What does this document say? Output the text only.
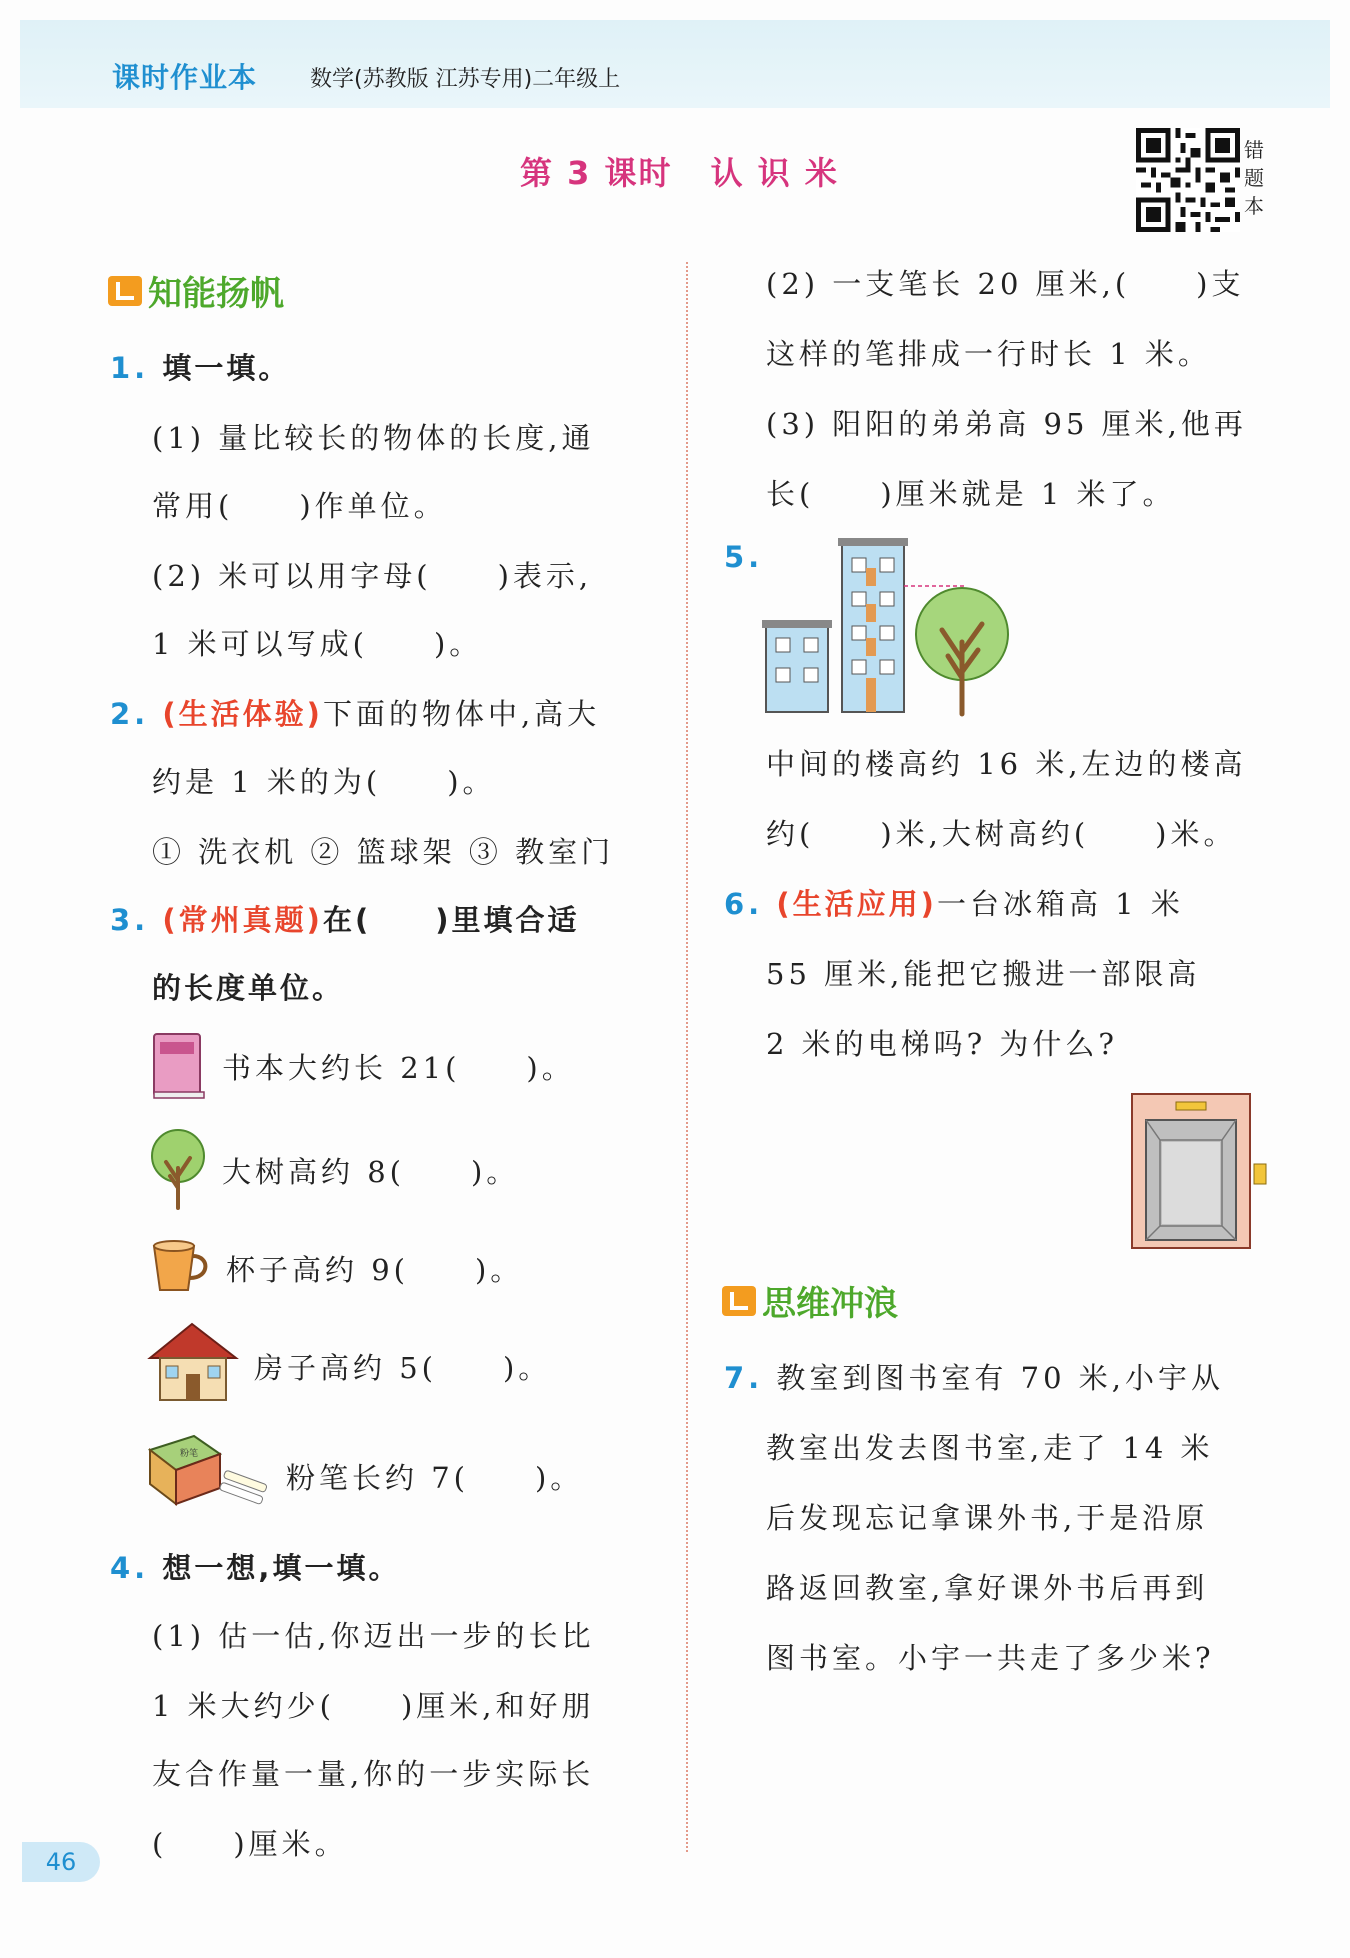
课时作业本 数学(苏教版 江苏专用)二年级上
第 3 课时 认 识 米
错题本
知能扬帆
1. 填一填。
(1) 量比较长的物体的长度,通
常用(　　)作单位。
(2) 米可以用字母(　　)表示,
1 米可以写成(　　)。
2. (生活体验)下面的物体中,高大
约是 1 米的为(　　)。
① 洗衣机 ② 篮球架 ③ 教室门
3. (常州真题)在(　　)里填合适
的长度单位。
书本大约长 21(　　)。
大树高约 8(　　)。
杯子高约 9(　　)。
房子高约 5(　　)。
粉笔
粉笔长约 7(　　)。
4. 想一想,填一填。
(1) 估一估,你迈出一步的长比
1 米大约少(　　)厘米,和好朋
友合作量一量,你的一步实际长
(　　)厘米。
(2) 一支笔长 20 厘米,(　　)支
这样的笔排成一行时长 1 米。
(3) 阳阳的弟弟高 95 厘米,他再
长(　　)厘米就是 1 米了。
5.
中间的楼高约 16 米,左边的楼高
约(　　)米,大树高约(　　)米。
6. (生活应用)一台冰箱高 1 米
55 厘米,能把它搬进一部限高
2 米的电梯吗? 为什么?
思维冲浪
7. 教室到图书室有 70 米,小宇从
教室出发去图书室,走了 14 米
后发现忘记拿课外书,于是沿原
路返回教室,拿好课外书后再到
图书室。小宇一共走了多少米?
46
